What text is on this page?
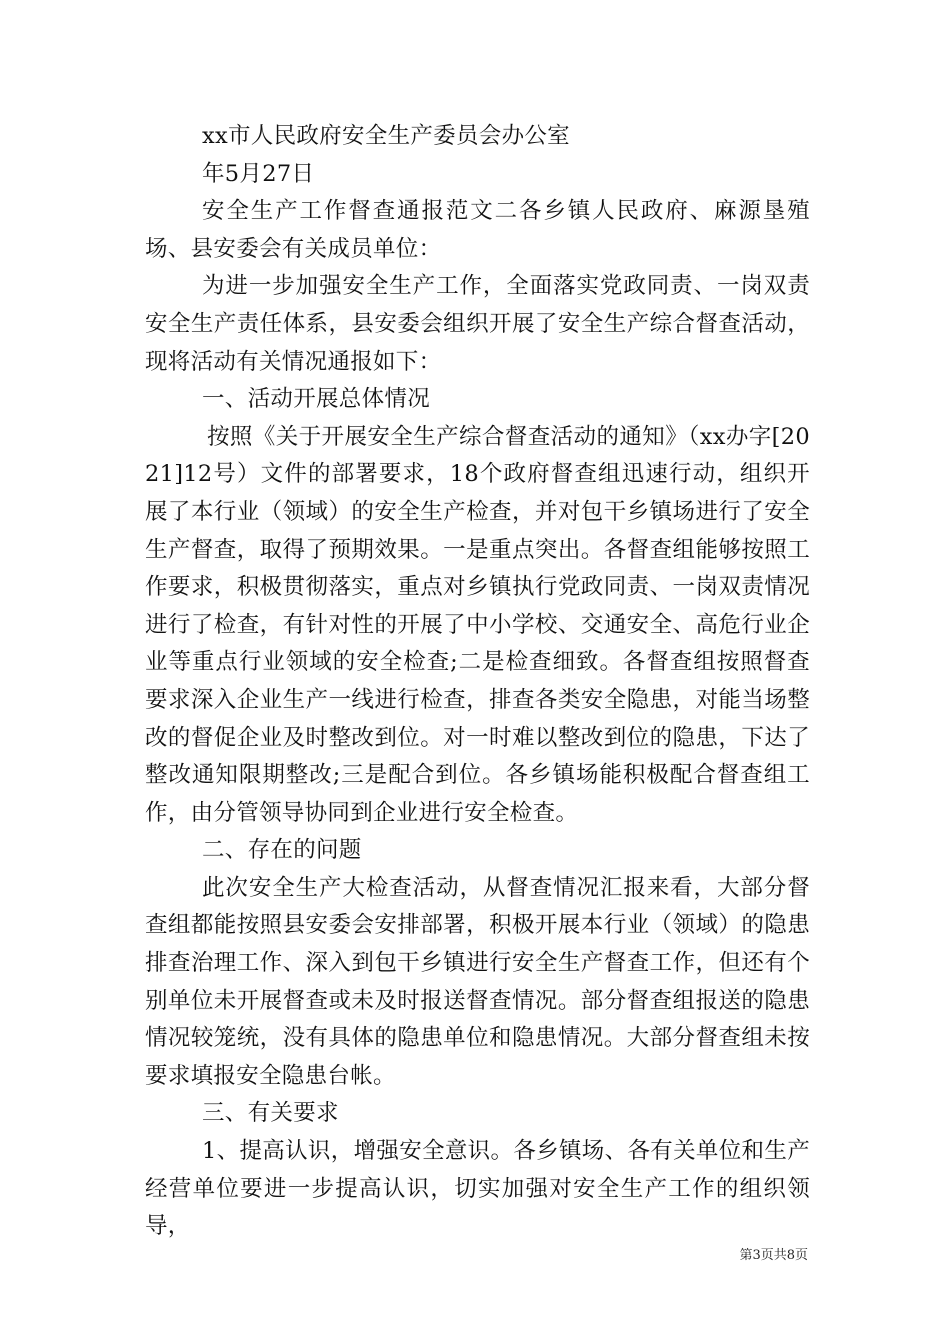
xx市人民政府安全生产委员会办公室

年5月27日

安全生产工作督查通报范文二各乡镇人民政府、麻源垦殖场、县安委会有关成员单位：

为进一步加强安全生产工作，全面落实党政同责、一岗双责安全生产责任体系，县安委会组织开展了安全生产综合督查活动，现将活动有关情况通报如下：

一、活动开展总体情况

按照《关于开展安全生产综合督查活动的通知》（xx办字[2021]12号）文件的部署要求，18个政府督查组迅速行动，组织开展了本行业（领域）的安全生产检查，并对包干乡镇场进行了安全生产督查，取得了预期效果。一是重点突出。各督查组能够按照工作要求，积极贯彻落实，重点对乡镇执行党政同责、一岗双责情况进行了检查，有针对性的开展了中小学校、交通安全、高危行业企业等重点行业领域的安全检查;二是检查细致。各督查组按照督查要求深入企业生产一线进行检查，排查各类安全隐患，对能当场整改的督促企业及时整改到位。对一时难以整改到位的隐患，下达了整改通知限期整改;三是配合到位。各乡镇场能积极配合督查组工作，由分管领导协同到企业进行安全检查。

二、存在的问题

此次安全生产大检查活动，从督查情况汇报来看，大部分督查组都能按照县安委会安排部署，积极开展本行业（领域）的隐患排查治理工作、深入到包干乡镇进行安全生产督查工作，但还有个别单位未开展督查或未及时报送督查情况。部分督查组报送的隐患情况较笼统，没有具体的隐患单位和隐患情况。大部分督查组未按要求填报安全隐患台帐。

三、有关要求

1、提高认识，增强安全意识。各乡镇场、各有关单位和生产经营单位要进一步提高认识，切实加强对安全生产工作的组织领导，

第3页共8页
